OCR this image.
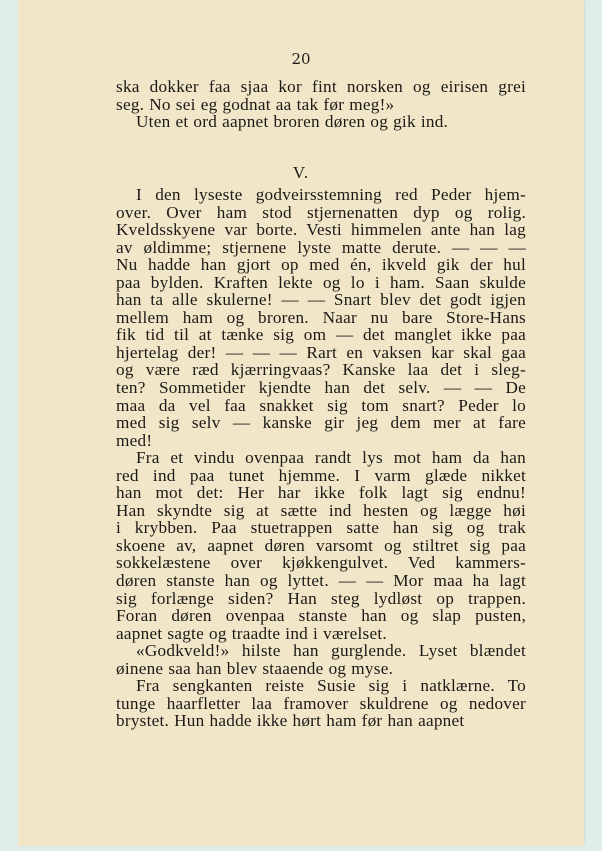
20

ska dokker faa sjaa kor fint norsken og eirisen grei

seg. No sei eg godnat aa tak før meg!»

Uten et ord aapnet broren døren og gik ind.

V.

I den lyseste godveirsstemning red Peder hjem-

over. Over ham stod stjernenatten dyp og rolig.

Kveldsskyene var borte. Vesti himmelen ante han lag

av øldimme; stjernene lyste matte derute. — — —

Nu hadde han gjort op med én, ikveld gik der hul

paa bylden. Kraften lekte og lo i ham. Saan skulde

han ta alle skulerne! — — Snart blev det godt igjen

mellem ham og broren. Naar nu bare Store-Hans

fik tid til at tænke sig om — det manglet ikke paa

hjertelag der! — — — Rart en vaksen kar skal gaa

og være ræd kjærringvaas? Kanske laa det i sleg-

ten? Sommetider kjendte han det selv. — — De

maa da vel faa snakket sig tom snart? Peder lo

med sig selv — kanske gir jeg dem mer at fare

med!

Fra et vindu ovenpaa randt lys mot ham da han

red ind paa tunet hjemme. I varm glæde nikket

han mot det: Her har ikke folk lagt sig endnu!

Han skyndte sig at sætte ind hesten og lægge høi

i krybben. Paa stuetrappen satte han sig og trak

skoene av, aapnet døren varsomt og stiltret sig paa

sokkelæstene over kjøkkengulvet. Ved kammers-

døren stanste han og lyttet. — — Mor maa ha lagt

sig forlænge siden? Han steg lydløst op trappen.

Foran døren ovenpaa stanste han og slap pusten,

aapnet sagte og traadte ind i værelset.

«Godkveld!» hilste han gurglende. Lyset blændet

øinene saa han blev staaende og myse.

Fra sengkanten reiste Susie sig i natklærne. To

tunge haarfletter laa framover skuldrene og nedover

brystet. Hun hadde ikke hørt ham før han aapnet
